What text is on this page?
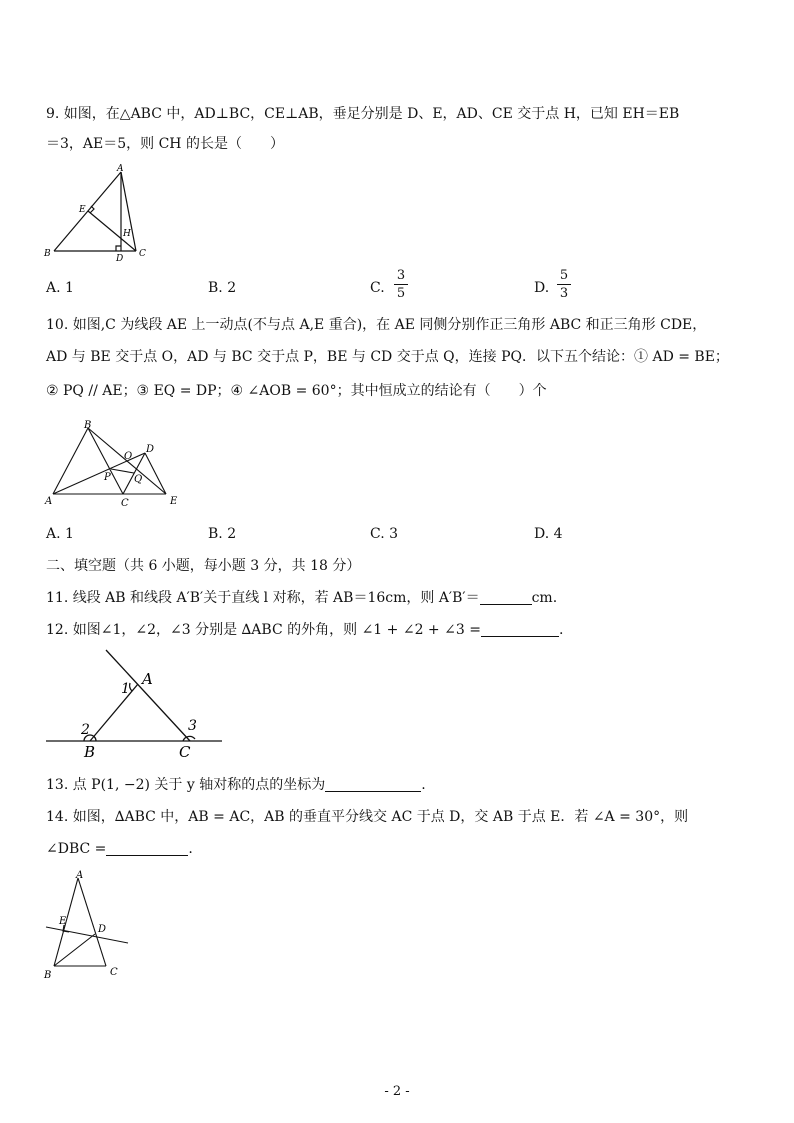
9. 如图，在△ABC 中，AD⊥BC，CE⊥AB，垂足分别是 D、E，AD、CE 交于点 H，已知 EH＝EB
＝3，AE＝5，则 CH 的长是（　　）
A
B	C
D
E
H
A. 1	B. 2	C.
3
5	D.
5
3
10. 如图,C 为线段 AE 上一动点(不与点 A,E 重合)，在 AE 同侧分别作正三角形 ABC 和正三角形 CDE，
AD 与 BE 交于点 O，AD 与 BC 交于点 P，BE 与 CD 交于点 Q，连接 PQ．以下五个结论：① AD = BE；
② PQ // AE；③ EQ = DP；④ ∠AOB = 60°；其中恒成立的结论有（　　）个
B
A	C
D
E
O
P Q
A. 1	B. 2	C. 3	D. 4
二、填空题（共 6 小题，每小题 3 分，共 18 分）
11. 线段 AB 和线段 A′B′关于直线 l 对称，若 AB＝16cm，则 A′B′＝	cm.
12. 如图∠1，∠2，∠3 分别是 ∆ABC 的外角，则 ∠1 + ∠2 + ∠3 =	.
A
B	C
1
2	3
13. 点 P(1, −2) 关于 y 轴对称的点的坐标为	.
14. 如图，∆ABC 中，AB = AC，AB 的垂直平分线交 AC 于点 D，交 AB 于点 E．若 ∠A = 30°，则
∠DBC =	.
A
B	C
D
E
- 2 -
